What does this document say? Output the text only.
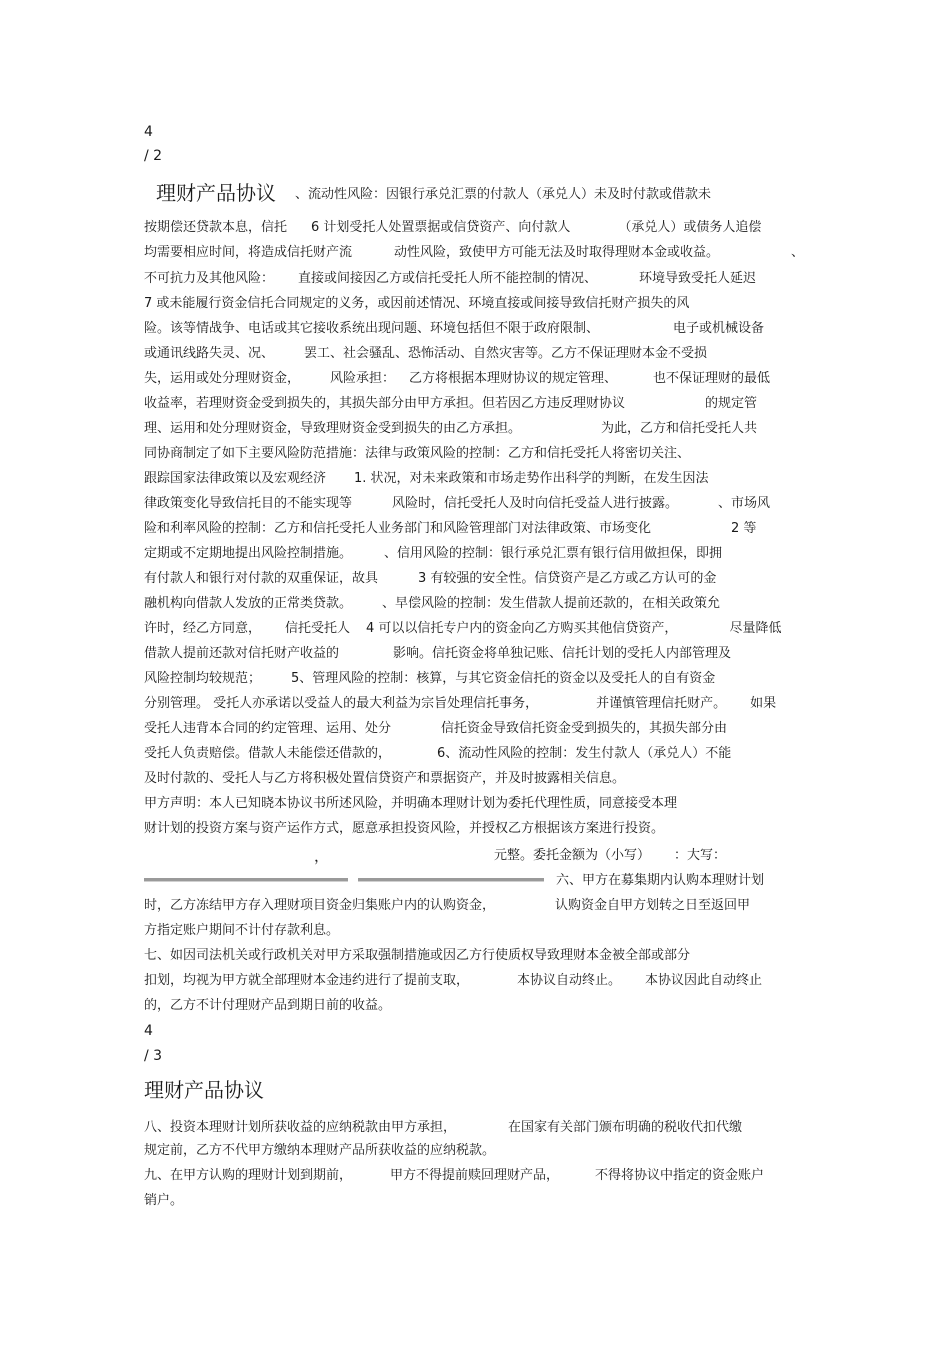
4
/ 2
理财产品协议 、流动性风险：因银行承兑汇票的付款人（承兑人）未及时付款或借款未
按期偿还贷款本息，信托 6 计划受托人处置票据或信贷资产、向付款人	（承兑人）或债务人追偿
均需要相应时间，将造成信托财产流	动性风险，致使甲方可能无法及时取得理财本金或收益。	、
不可抗力及其他风险： 直接或间接因乙方或信托受托人所不能控制的情况、	环境导致受托人延迟
7 或未能履行资金信托合同规定的义务，或因前述情况、环境直接或间接导致信托财产损失的风
险。该等情战争、电话或其它接收系统出现问题、环境包括但不限于政府限制、	电子或机械设备
或通讯线路失灵、况、 罢工、社会骚乱、恐怖活动、自然灾害等。乙方不保证理财本金不受损
失，运用或处分理财资金， 风险承担： 乙方将根据本理财协议的规定管理、	也不保证理财的最低
收益率，若理财资金受到损失的，其损失部分由甲方承担。但若因乙方违反理财协议	的规定管
理、运用和处分理财资金，导致理财资金受到损失的由乙方承担。	为此，乙方和信托受托人共
同协商制定了如下主要风险防范措施：法律与政策风险的控制：乙方和信托受托人将密切关注、
跟踪国家法律政策以及宏观经济 1. 状况，对未来政策和市场走势作出科学的判断，在发生因法
律政策变化导致信托目的不能实现等	风险时，信托受托人及时向信托受益人进行披露。	、市场风
险和利率风险的控制：乙方和信托受托人业务部门和风险管理部门对法律政策、市场变化	2 等
定期或不定期地提出风险控制措施。 、信用风险的控制：银行承兑汇票有银行信用做担保，即拥
有付款人和银行对付款的双重保证，故具	3 有较强的安全性。信贷资产是乙方或乙方认可的金
融机构向借款人发放的正常类贷款。 、早偿风险的控制：发生借款人提前还款的，在相关政策允
许时，经乙方同意， 信托受托人 4 可以以信托专户内的资金向乙方购买其他信贷资产，	尽量降低
借款人提前还款对信托财产收益的	影响。信托资金将单独记账、信托计划的受托人内部管理及
风险控制均较规范； 5、管理风险的控制：核算，与其它资金信托的资金以及受托人的自有资金
分别管理。 受托人亦承诺以受益人的最大利益为宗旨处理信托事务，	并谨慎管理信托财产。 如果
受托人违背本合同的约定管理、运用、处分	信托资金导致信托资金受到损失的，其损失部分由
受托人负责赔偿。借款人未能偿还借款的，	6、流动性风险的控制：发生付款人（承兑人）不能
及时付款的、受托人与乙方将积极处置信贷资产和票据资产，并及时披露相关信息。
甲方声明：本人已知晓本协议书所述风险，并明确本理财计划为委托代理性质，同意接受本理
财计划的投资方案与资产运作方式，愿意承担投资风险，并授权乙方根据该方案进行投资。
，	元整。委托金额为（小写） ：大写：
六、甲方在募集期内认购本理财计划
时，乙方冻结甲方存入理财项目资金归集账户内的认购资金，	认购资金自甲方划转之日至返回甲
方指定账户期间不计付存款利息。
七、如因司法机关或行政机关对甲方采取强制措施或因乙方行使质权导致理财本金被全部或部分
扣划，均视为甲方就全部理财本金违约进行了提前支取，	本协议自动终止。 本协议因此自动终止
的，乙方不计付理财产品到期日前的收益。
4
/ 3
理财产品协议
八、投资本理财计划所获收益的应纳税款由甲方承担，	在国家有关部门颁布明确的税收代扣代缴
规定前，乙方不代甲方缴纳本理财产品所获收益的应纳税款。
九、在甲方认购的理财计划到期前，	甲方不得提前赎回理财产品，	不得将协议中指定的资金账户
销户。
